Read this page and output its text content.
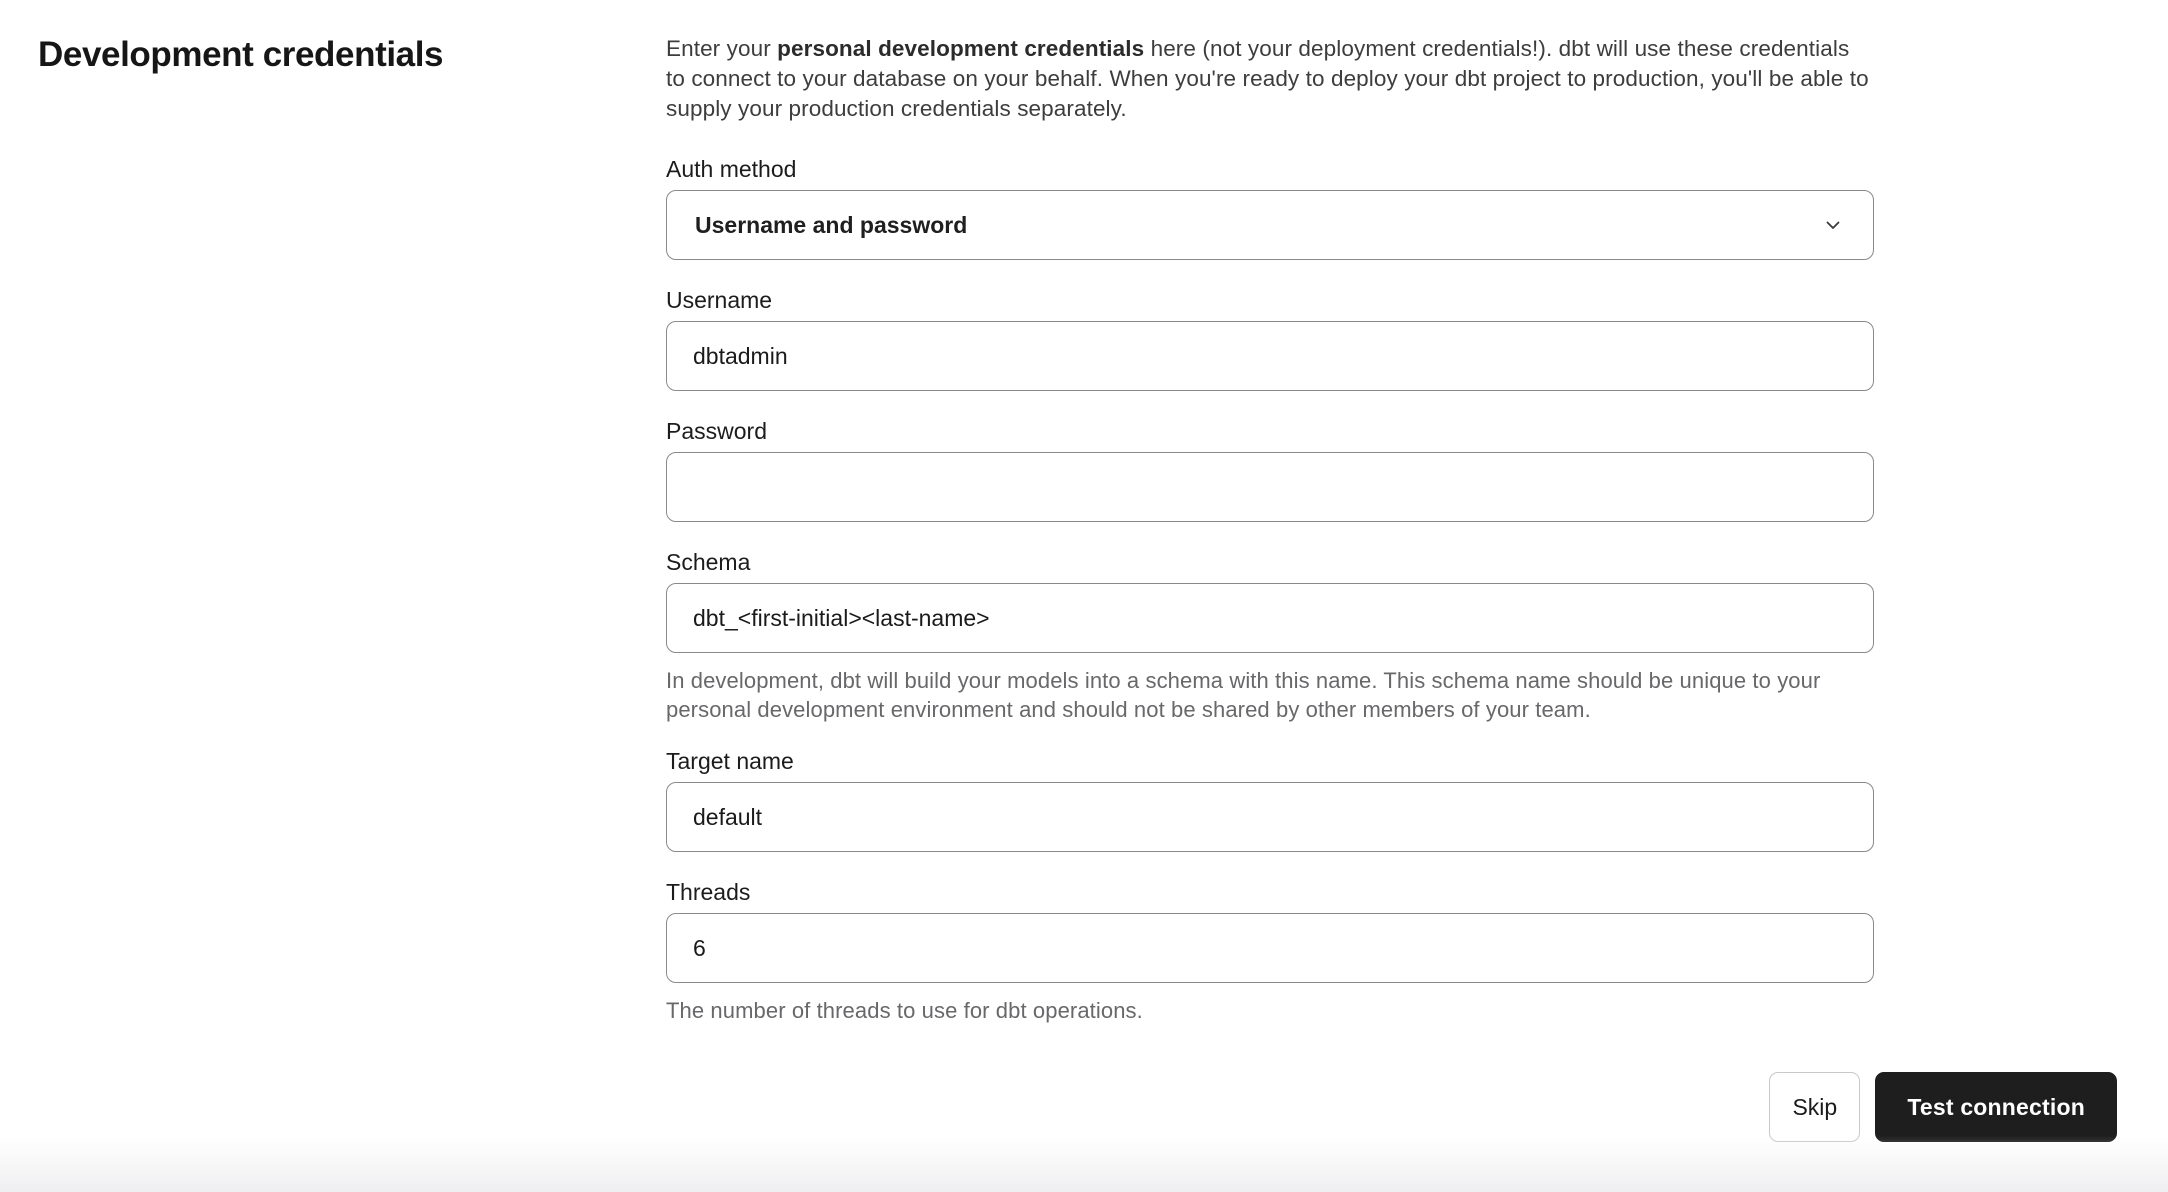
Development credentials	Enter your personal development credentials here (not your deployment credentials!). dbt will use these credentials to connect to your database on your behalf. When you're ready to deploy your dbt project to production, you'll be able to supply your production credentials separately.

Auth method
Username and password
Username
dbtadmin
Password
Schema
dbt_<first-initial><last-name>
In development, dbt will build your models into a schema with this name. This schema name should be unique to your personal development environment and should not be shared by other members of your team.
Target name
default
Threads
6
The number of threads to use for dbt operations.
Skip	Test connection
